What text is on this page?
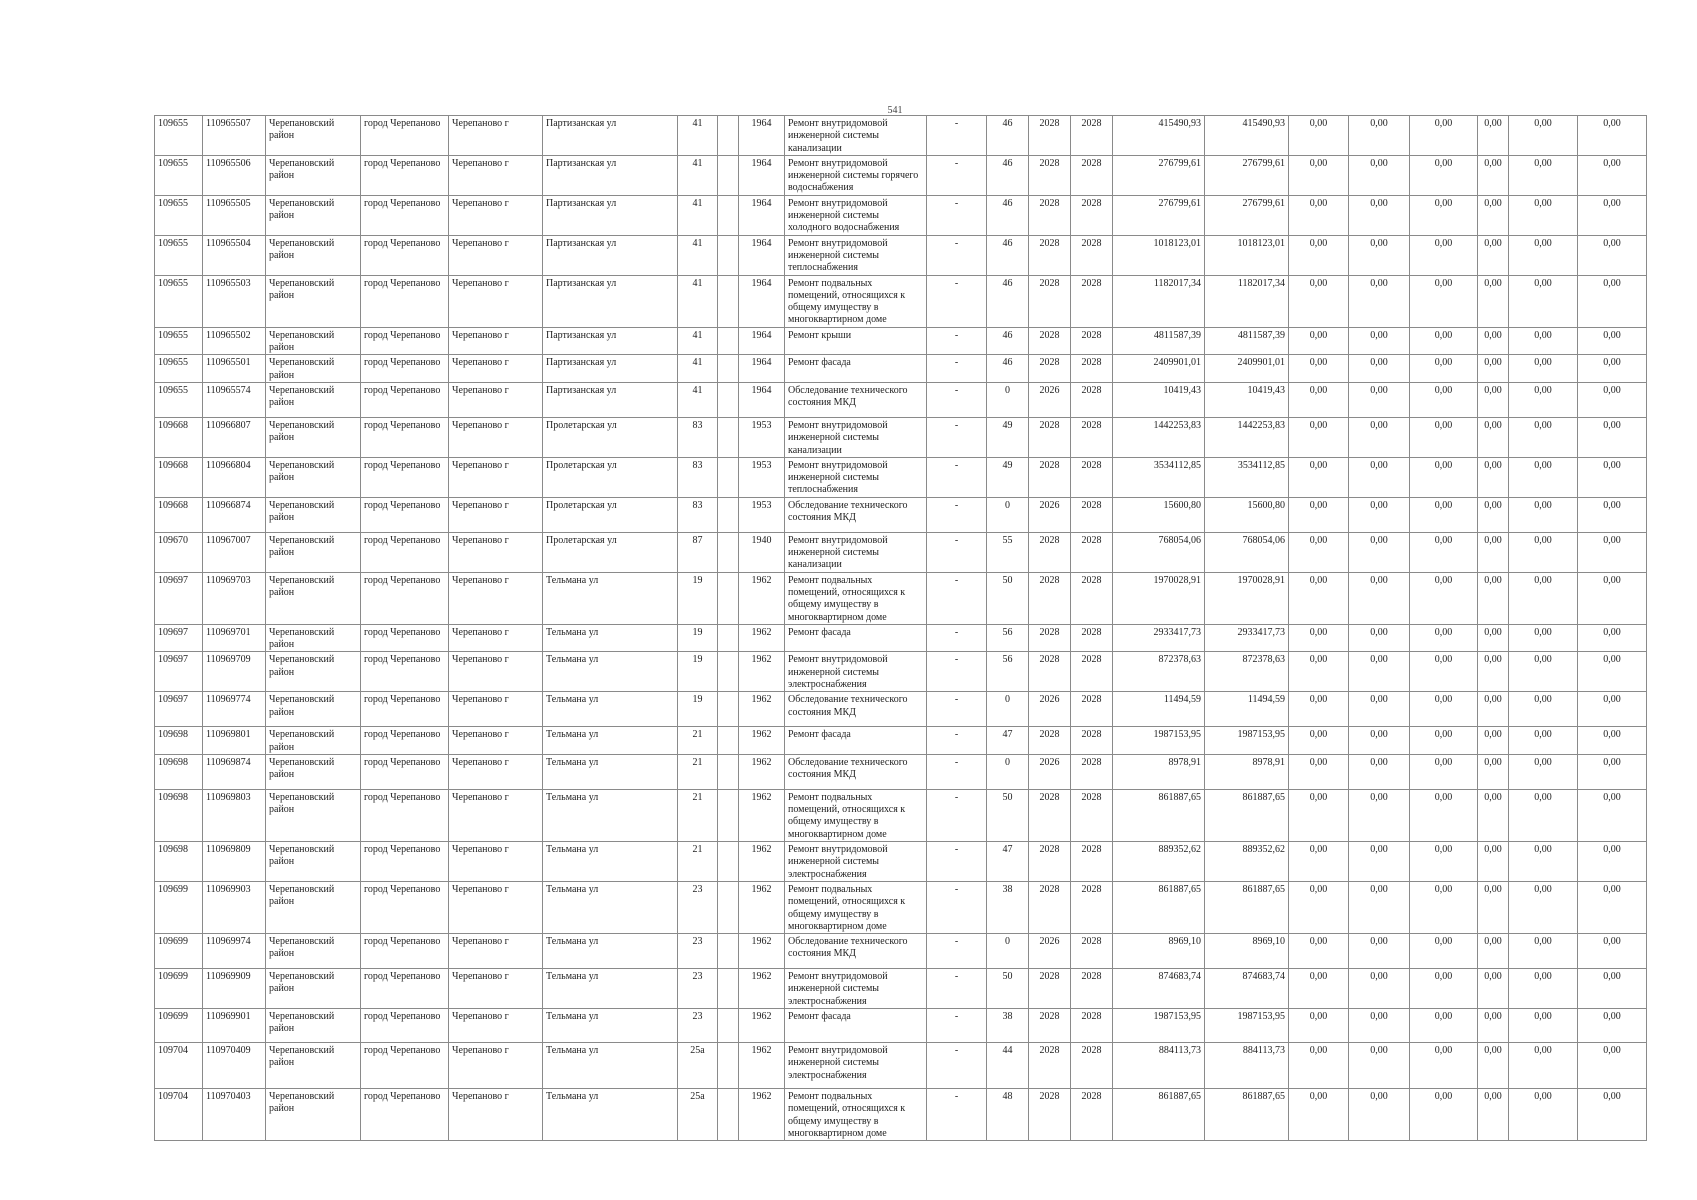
541
109655	110965507	Черепановский район	город Черепаново	Черепаново г	Партизанская ул	41		1964	Ремонт внутридомовой инженерной системы канализации	-	46	2028	2028	415490,93	415490,93	0,00	0,00	0,00	0,00	0,00	0,00
109655	110965506	Черепановский район	город Черепаново	Черепаново г	Партизанская ул	41		1964	Ремонт внутридомовой инженерной системы горячего водоснабжения	-	46	2028	2028	276799,61	276799,61	0,00	0,00	0,00	0,00	0,00	0,00
109655	110965505	Черепановский район	город Черепаново	Черепаново г	Партизанская ул	41		1964	Ремонт внутридомовой инженерной системы холодного водоснабжения	-	46	2028	2028	276799,61	276799,61	0,00	0,00	0,00	0,00	0,00	0,00
109655	110965504	Черепановский район	город Черепаново	Черепаново г	Партизанская ул	41		1964	Ремонт внутридомовой инженерной системы теплоснабжения	-	46	2028	2028	1018123,01	1018123,01	0,00	0,00	0,00	0,00	0,00	0,00
109655	110965503	Черепановский район	город Черепаново	Черепаново г	Партизанская ул	41		1964	Ремонт подвальных помещений, относящихся к общему имуществу в многоквартирном доме	-	46	2028	2028	1182017,34	1182017,34	0,00	0,00	0,00	0,00	0,00	0,00
109655	110965502	Черепановский район	город Черепаново	Черепаново г	Партизанская ул	41		1964	Ремонт крыши	-	46	2028	2028	4811587,39	4811587,39	0,00	0,00	0,00	0,00	0,00	0,00
109655	110965501	Черепановский район	город Черепаново	Черепаново г	Партизанская ул	41		1964	Ремонт фасада	-	46	2028	2028	2409901,01	2409901,01	0,00	0,00	0,00	0,00	0,00	0,00
109655	110965574	Черепановский район	город Черепаново	Черепаново г	Партизанская ул	41		1964	Обследование технического состояния МКД	-	0	2026	2028	10419,43	10419,43	0,00	0,00	0,00	0,00	0,00	0,00
109668	110966807	Черепановский район	город Черепаново	Черепаново г	Пролетарская ул	83		1953	Ремонт внутридомовой инженерной системы канализации	-	49	2028	2028	1442253,83	1442253,83	0,00	0,00	0,00	0,00	0,00	0,00
109668	110966804	Черепановский район	город Черепаново	Черепаново г	Пролетарская ул	83		1953	Ремонт внутридомовой инженерной системы теплоснабжения	-	49	2028	2028	3534112,85	3534112,85	0,00	0,00	0,00	0,00	0,00	0,00
109668	110966874	Черепановский район	город Черепаново	Черепаново г	Пролетарская ул	83		1953	Обследование технического состояния МКД	-	0	2026	2028	15600,80	15600,80	0,00	0,00	0,00	0,00	0,00	0,00
109670	110967007	Черепановский район	город Черепаново	Черепаново г	Пролетарская ул	87		1940	Ремонт внутридомовой инженерной системы канализации	-	55	2028	2028	768054,06	768054,06	0,00	0,00	0,00	0,00	0,00	0,00
109697	110969703	Черепановский район	город Черепаново	Черепаново г	Тельмана ул	19		1962	Ремонт подвальных помещений, относящихся к общему имуществу в многоквартирном доме	-	50	2028	2028	1970028,91	1970028,91	0,00	0,00	0,00	0,00	0,00	0,00
109697	110969701	Черепановский район	город Черепаново	Черепаново г	Тельмана ул	19		1962	Ремонт фасада	-	56	2028	2028	2933417,73	2933417,73	0,00	0,00	0,00	0,00	0,00	0,00
109697	110969709	Черепановский район	город Черепаново	Черепаново г	Тельмана ул	19		1962	Ремонт внутридомовой инженерной системы электроснабжения	-	56	2028	2028	872378,63	872378,63	0,00	0,00	0,00	0,00	0,00	0,00
109697	110969774	Черепановский район	город Черепаново	Черепаново г	Тельмана ул	19		1962	Обследование технического состояния МКД	-	0	2026	2028	11494,59	11494,59	0,00	0,00	0,00	0,00	0,00	0,00
109698	110969801	Черепановский район	город Черепаново	Черепаново г	Тельмана ул	21		1962	Ремонт фасада	-	47	2028	2028	1987153,95	1987153,95	0,00	0,00	0,00	0,00	0,00	0,00
109698	110969874	Черепановский район	город Черепаново	Черепаново г	Тельмана ул	21		1962	Обследование технического состояния МКД	-	0	2026	2028	8978,91	8978,91	0,00	0,00	0,00	0,00	0,00	0,00
109698	110969803	Черепановский район	город Черепаново	Черепаново г	Тельмана ул	21		1962	Ремонт подвальных помещений, относящихся к общему имуществу в многоквартирном доме	-	50	2028	2028	861887,65	861887,65	0,00	0,00	0,00	0,00	0,00	0,00
109698	110969809	Черепановский район	город Черепаново	Черепаново г	Тельмана ул	21		1962	Ремонт внутридомовой инженерной системы электроснабжения	-	47	2028	2028	889352,62	889352,62	0,00	0,00	0,00	0,00	0,00	0,00
109699	110969903	Черепановский район	город Черепаново	Черепаново г	Тельмана ул	23		1962	Ремонт подвальных помещений, относящихся к общему имуществу в многоквартирном доме	-	38	2028	2028	861887,65	861887,65	0,00	0,00	0,00	0,00	0,00	0,00
109699	110969974	Черепановский район	город Черепаново	Черепаново г	Тельмана ул	23		1962	Обследование технического состояния МКД	-	0	2026	2028	8969,10	8969,10	0,00	0,00	0,00	0,00	0,00	0,00
109699	110969909	Черепановский район	город Черепаново	Черепаново г	Тельмана ул	23		1962	Ремонт внутридомовой инженерной системы электроснабжения	-	50	2028	2028	874683,74	874683,74	0,00	0,00	0,00	0,00	0,00	0,00
109699	110969901	Черепановский район	город Черепаново	Черепаново г	Тельмана ул	23		1962	Ремонт фасада	-	38	2028	2028	1987153,95	1987153,95	0,00	0,00	0,00	0,00	0,00	0,00
109704	110970409	Черепановский район	город Черепаново	Черепаново г	Тельмана ул	25а		1962	Ремонт внутридомовой инженерной системы электроснабжения	-	44	2028	2028	884113,73	884113,73	0,00	0,00	0,00	0,00	0,00	0,00
109704	110970403	Черепановский район	город Черепаново	Черепаново г	Тельмана ул	25а		1962	Ремонт подвальных помещений, относящихся к общему имуществу в многоквартирном доме	-	48	2028	2028	861887,65	861887,65	0,00	0,00	0,00	0,00	0,00	0,00
